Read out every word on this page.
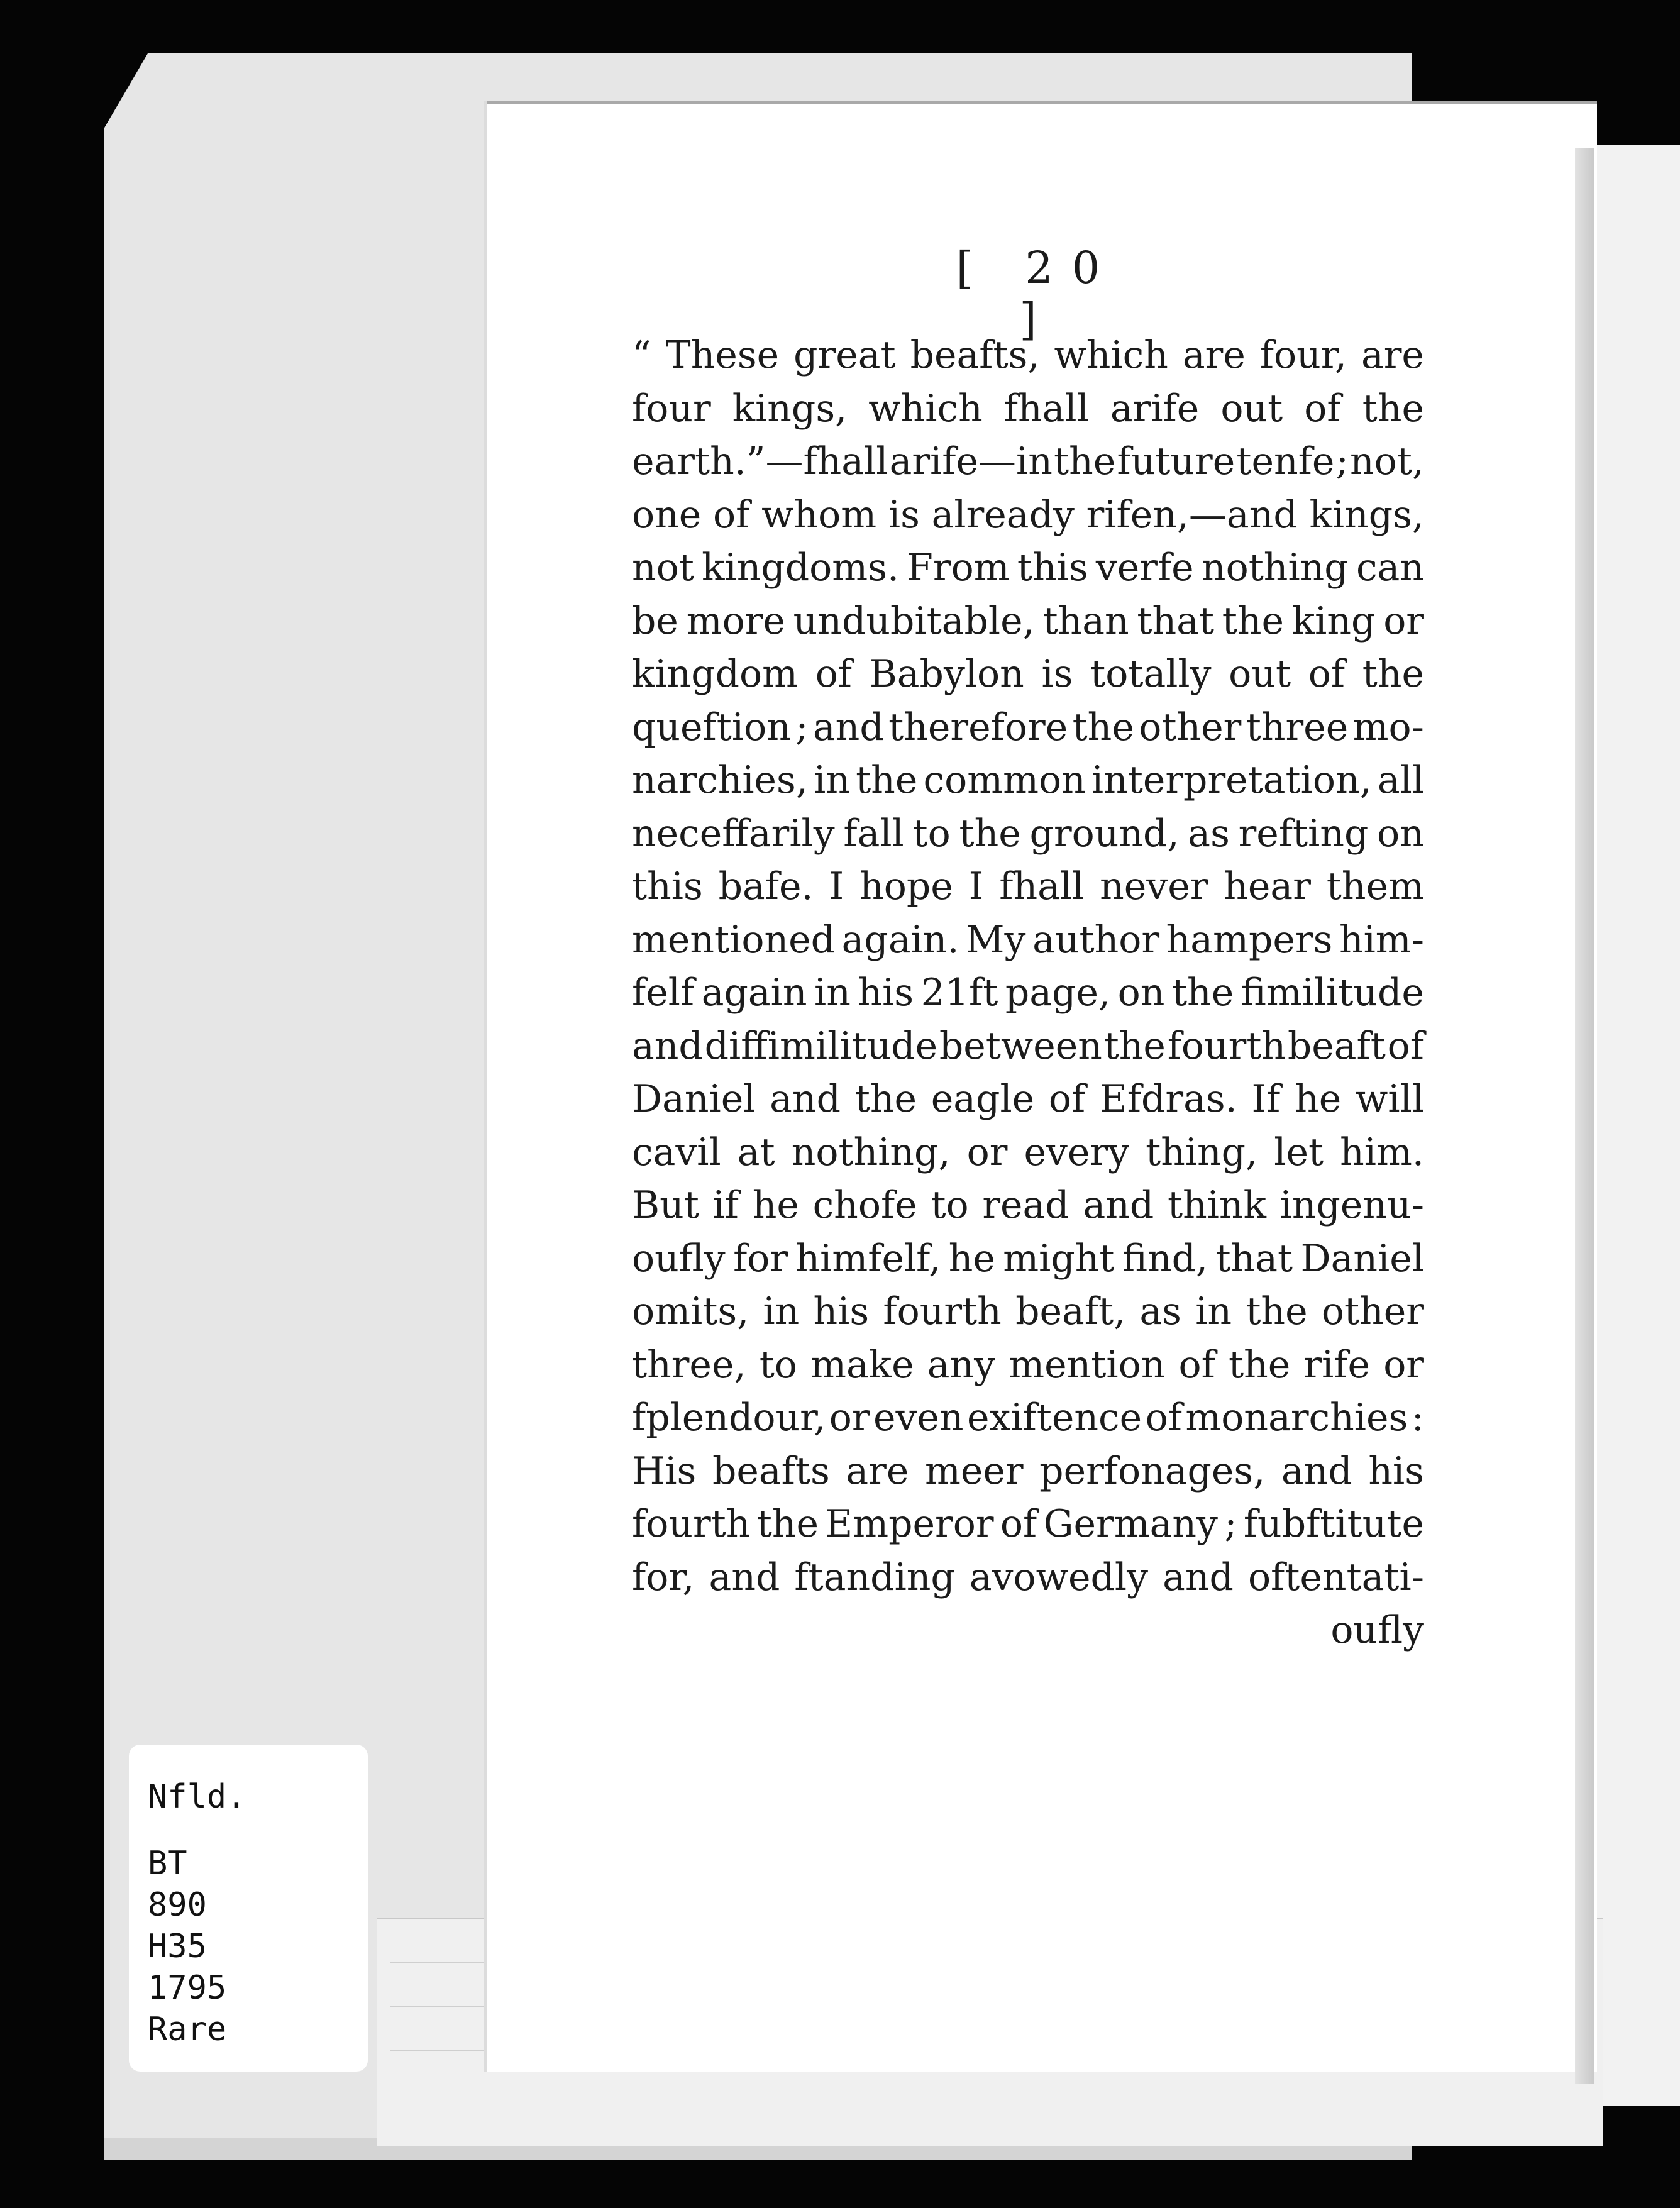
[ 20 ]
“ These great beafts, which are four, are
four kings, which fhall arife out of the
earth.”—fhall arife—in the future tenfe ; not,
one of whom is already rifen,—and kings,
not kingdoms. From this verfe nothing can
be more undubitable, than that the king or
kingdom of Babylon is totally out of the
queftion ; and therefore the other three mo-
narchies, in the common interpretation, all
neceffarily fall to the ground, as refting on
this bafe. I hope I fhall never hear them
mentioned again. My author hampers him-
felf again in his 21ft page, on the fimilitude
and diffimilitude between the fourth beaft of
Daniel and the eagle of Efdras. If he will
cavil at nothing, or every thing, let him.
But if he chofe to read and think ingenu-
oufly for himfelf, he might find, that Daniel
omits, in his fourth beaft, as in the other
three, to make any mention of the rife or
fplendour, or even exiftence of monarchies :
His beafts are meer perfonages, and his
fourth the Emperor of Germany ; fubftitute
for, and ftanding avowedly and oftentati-
oufly
Nfld.
BT
890
H35
1795
Rare
